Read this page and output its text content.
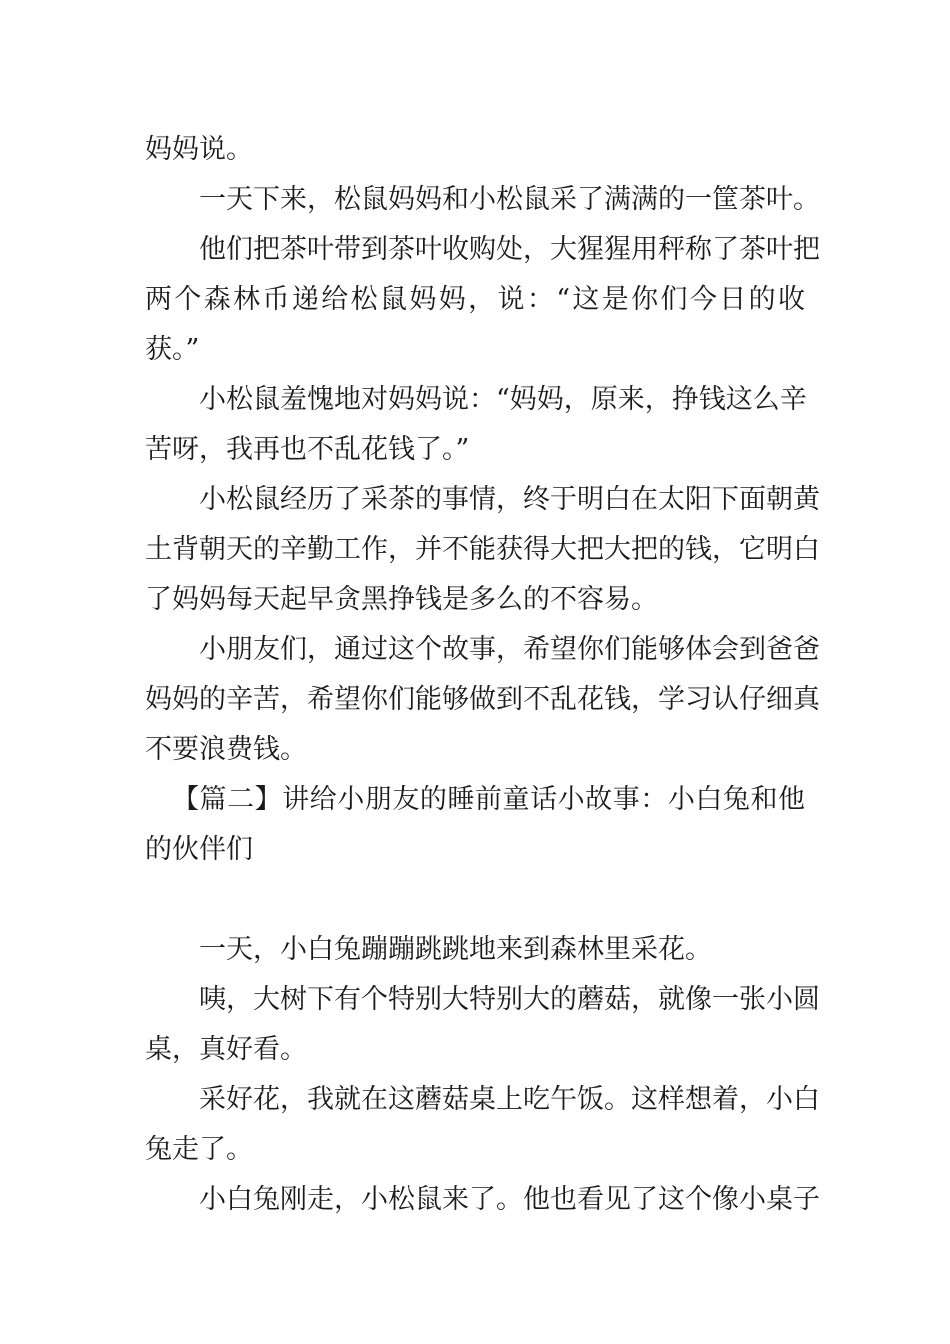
妈妈说。
一天下来，松鼠妈妈和小松鼠采了满满的一筐茶叶。
他们把茶叶带到茶叶收购处，大猩猩用秤称了茶叶把
两个森林币递给松鼠妈妈，说：“这是你们今日的收
获。”
小松鼠羞愧地对妈妈说：“妈妈，原来，挣钱这么辛
苦呀，我再也不乱花钱了。”
小松鼠经历了采茶的事情，终于明白在太阳下面朝黄
土背朝天的辛勤工作，并不能获得大把大把的钱，它明白
了妈妈每天起早贪黑挣钱是多么的不容易。
小朋友们，通过这个故事，希望你们能够体会到爸爸
妈妈的辛苦，希望你们能够做到不乱花钱，学习认仔细真
不要浪费钱。
【篇二】讲给小朋友的睡前童话小故事：小白兔和他
的伙伴们
一天，小白兔蹦蹦跳跳地来到森林里采花。
咦，大树下有个特别大特别大的蘑菇，就像一张小圆
桌，真好看。
采好花，我就在这蘑菇桌上吃午饭。这样想着，小白
兔走了。
小白兔刚走，小松鼠来了。他也看见了这个像小桌子
